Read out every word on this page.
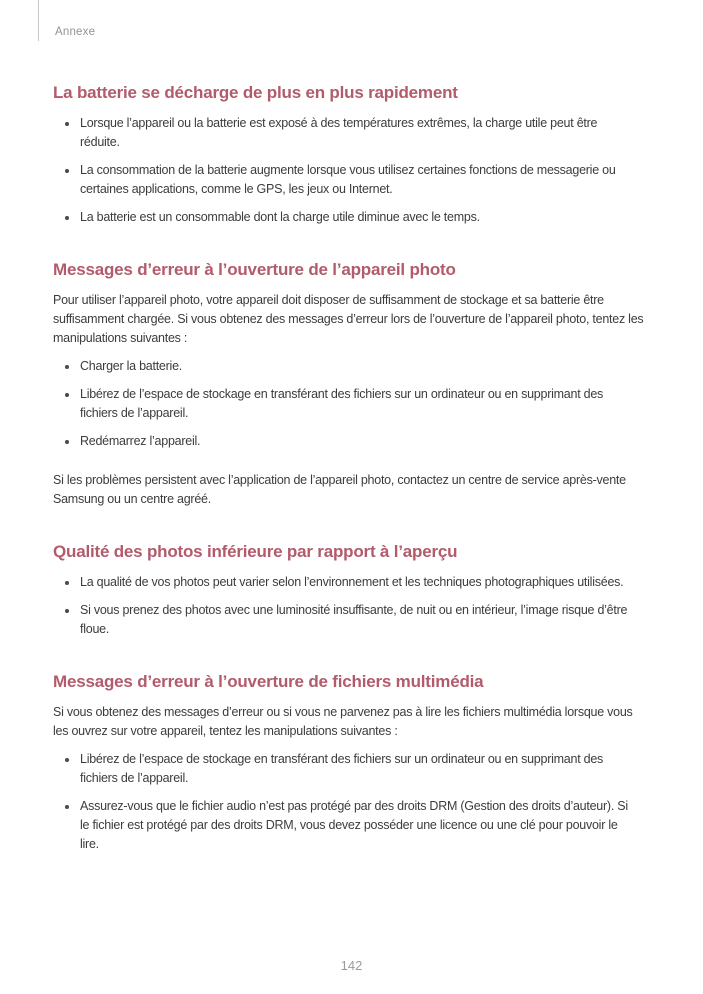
Annexe
La batterie se décharge de plus en plus rapidement
Lorsque l’appareil ou la batterie est exposé à des températures extrêmes, la charge utile peut être réduite.
La consommation de la batterie augmente lorsque vous utilisez certaines fonctions de messagerie ou certaines applications, comme le GPS, les jeux ou Internet.
La batterie est un consommable dont la charge utile diminue avec le temps.
Messages d’erreur à l’ouverture de l’appareil photo

Pour utiliser l’appareil photo, votre appareil doit disposer de suffisamment de stockage et sa batterie être suffisamment chargée. Si vous obtenez des messages d’erreur lors de l’ouverture de l’appareil photo, tentez les manipulations suivantes :

Charger la batterie.
Libérez de l’espace de stockage en transférant des fichiers sur un ordinateur ou en supprimant des fichiers de l’appareil.
Redémarrez l’appareil.

Si les problèmes persistent avec l’application de l’appareil photo, contactez un centre de service après-vente Samsung ou un centre agréé.

Qualité des photos inférieure par rapport à l’aperçu
La qualité de vos photos peut varier selon l’environnement et les techniques photographiques utilisées.
Si vous prenez des photos avec une luminosité insuffisante, de nuit ou en intérieur, l’image risque d’être floue.
Messages d’erreur à l’ouverture de fichiers multimédia

Si vous obtenez des messages d’erreur ou si vous ne parvenez pas à lire les fichiers multimédia lorsque vous les ouvrez sur votre appareil, tentez les manipulations suivantes :

Libérez de l’espace de stockage en transférant des fichiers sur un ordinateur ou en supprimant des fichiers de l’appareil.
Assurez-vous que le fichier audio n’est pas protégé par des droits DRM (Gestion des droits d’auteur). Si le fichier est protégé par des droits DRM, vous devez posséder une licence ou une clé pour pouvoir le lire.
142
